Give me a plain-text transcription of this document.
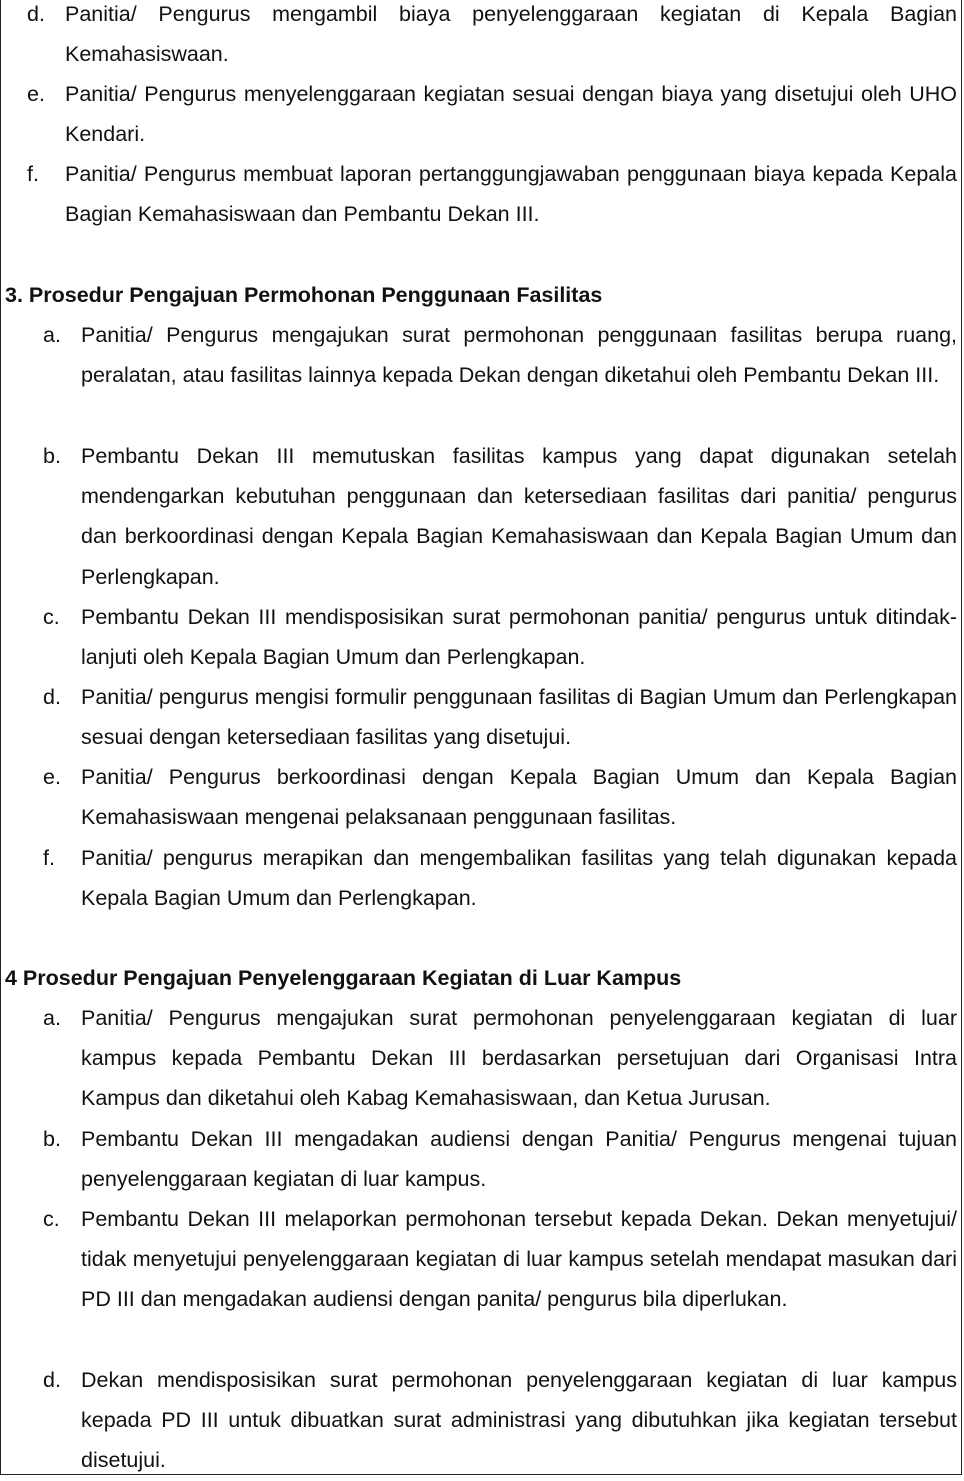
d. Panitia/ Pengurus mengambil biaya penyelenggaraan kegiatan di Kepala Bagian Kemahasiswaan.
e. Panitia/ Pengurus menyelenggaraan kegiatan sesuai dengan biaya yang disetujui oleh UHO Kendari.
f. Panitia/ Pengurus membuat laporan pertanggungjawaban penggunaan biaya kepada Kepala Bagian Kemahasiswaan dan Pembantu Dekan III.
3. Prosedur Pengajuan Permohonan Penggunaan Fasilitas
a. Panitia/ Pengurus mengajukan surat permohonan penggunaan fasilitas berupa ruang, peralatan, atau fasilitas lainnya kepada Dekan dengan diketahui oleh Pembantu Dekan III.
b. Pembantu Dekan III memutuskan fasilitas kampus yang dapat digunakan setelah mendengarkan kebutuhan penggunaan dan ketersediaan fasilitas dari panitia/ pengurus dan berkoordinasi dengan Kepala Bagian Kemahasiswaan dan Kepala Bagian Umum dan Perlengkapan.
c. Pembantu Dekan III mendisposisikan surat permohonan panitia/ pengurus untuk ditindak-lanjuti oleh Kepala Bagian Umum dan Perlengkapan.
d. Panitia/ pengurus mengisi formulir penggunaan fasilitas di Bagian Umum dan Perlengkapan sesuai dengan ketersediaan fasilitas yang disetujui.
e. Panitia/ Pengurus berkoordinasi dengan Kepala Bagian Umum dan Kepala Bagian Kemahasiswaan mengenai pelaksanaan penggunaan fasilitas.
f. Panitia/ pengurus merapikan dan mengembalikan fasilitas yang telah digunakan kepada Kepala Bagian Umum dan Perlengkapan.
4 Prosedur Pengajuan Penyelenggaraan Kegiatan di Luar Kampus
a. Panitia/ Pengurus mengajukan surat permohonan penyelenggaraan kegiatan di luar kampus kepada Pembantu Dekan III berdasarkan persetujuan dari Organisasi Intra Kampus dan diketahui oleh Kabag Kemahasiswaan, dan Ketua Jurusan.
b. Pembantu Dekan III mengadakan audiensi dengan Panitia/ Pengurus mengenai tujuan penyelenggaraan kegiatan di luar kampus.
c. Pembantu Dekan III melaporkan permohonan tersebut kepada Dekan. Dekan menyetujui/ tidak menyetujui penyelenggaraan kegiatan di luar kampus setelah mendapat masukan dari PD III dan mengadakan audiensi dengan panita/ pengurus bila diperlukan.
d. Dekan mendisposisikan surat permohonan penyelenggaraan kegiatan di luar kampus kepada PD III untuk dibuatkan surat administrasi yang dibutuhkan jika kegiatan tersebut disetujui.
